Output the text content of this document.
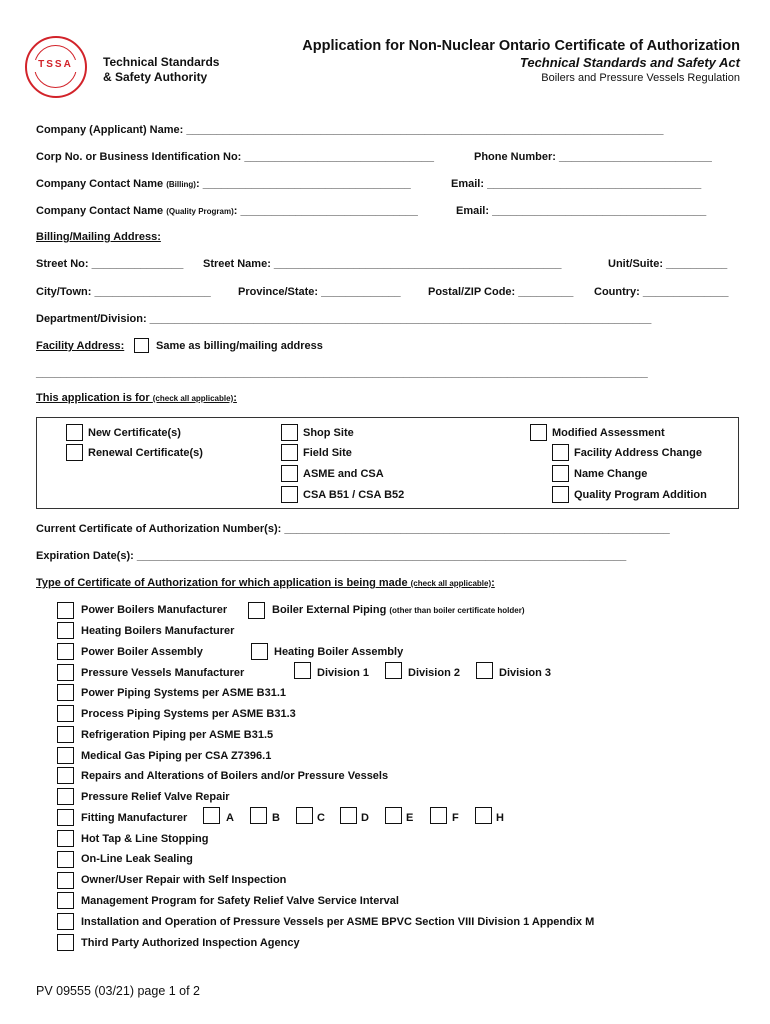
TSSA	Technical Standards
& Safety Authority
Application for Non-Nuclear Ontario Certificate of Authorization
Technical Standards and Safety Act
Boilers and Pressure Vessels Regulation
Company (Applicant) Name: ______________________________________________________________________________
Corp No. or Business Identification No: _______________________________	Phone Number: _________________________
Company Contact Name (Billing): __________________________________	Email: ___________________________________
Company Contact Name (Quality Program): _____________________________	Email: ___________________________________
Billing/Mailing Address:
Street No: _______________ Street Name: _______________________________________________	Unit/Suite: __________
City/Town: ___________________ Province/State: _____________ Postal/ZIP Code: _________ Country: ______________
Department/Division: __________________________________________________________________________________
Facility Address:	Same as billing/mailing address
____________________________________________________________________________________________________
This application is for (check all applicable):
New Certificate(s)
Renewal Certificate(s)
Shop Site
Field Site
ASME and CSA
CSA B51 / CSA B52
Modified Assessment
Facility Address Change
Name Change
Quality Program Addition
Current Certificate of Authorization Number(s): _______________________________________________________________
Expiration Date(s): ________________________________________________________________________________
Type of Certificate of Authorization for which application is being made (check all applicable):
Power Boilers Manufacturer	Boiler External Piping (other than boiler certificate holder)
Heating Boilers Manufacturer
Power Boiler Assembly	Heating Boiler Assembly
Pressure Vessels Manufacturer	Division 1	Division 2	Division 3
Power Piping Systems per ASME B31.1
Process Piping Systems per ASME B31.3
Refrigeration Piping per ASME B31.5
Medical Gas Piping per CSA Z7396.1
Repairs and Alterations of Boilers and/or Pressure Vessels
Pressure Relief Valve Repair
Fitting Manufacturer	A	B	C	D	E	F	H
Hot Tap & Line Stopping
On-Line Leak Sealing
Owner/User Repair with Self Inspection
Management Program for Safety Relief Valve Service Interval
Installation and Operation of Pressure Vessels per ASME BPVC Section VIII Division 1 Appendix M
Third Party Authorized Inspection Agency
PV 09555 (03/21) page 1 of 2
